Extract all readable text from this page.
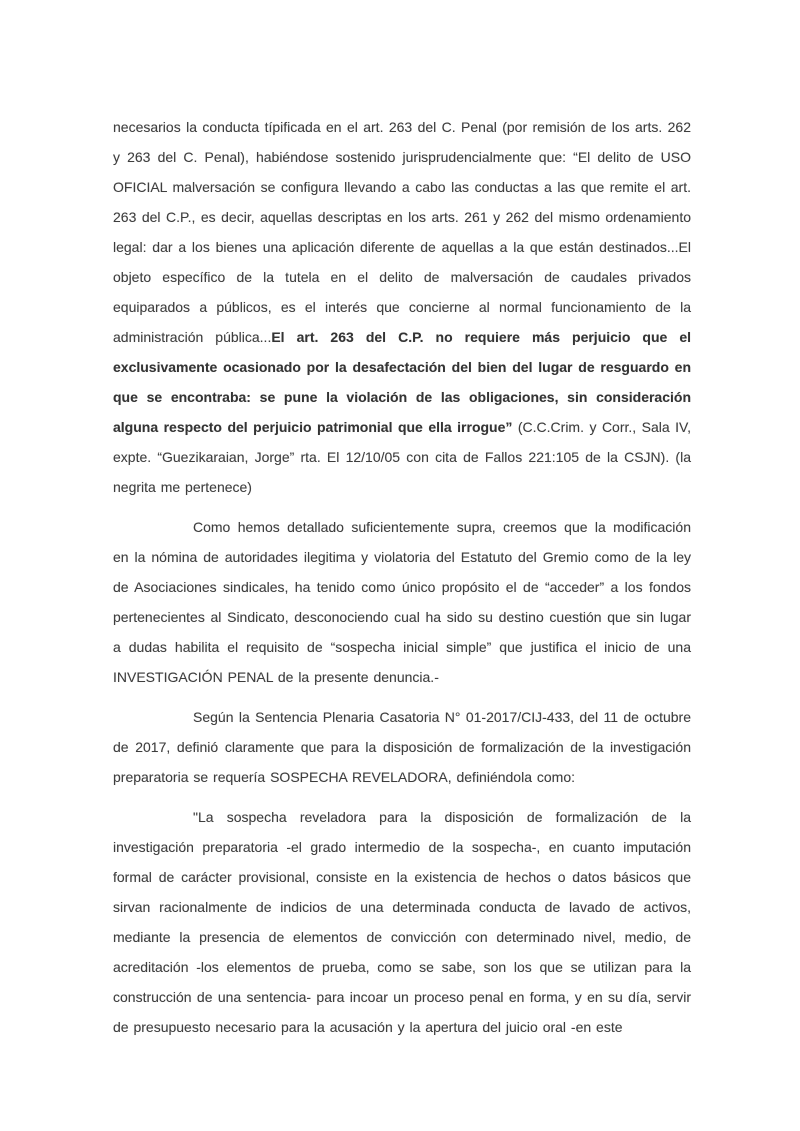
necesarios la conducta típificada en el art. 263 del C. Penal (por remisión de los arts. 262 y 263 del C. Penal), habiéndose sostenido jurisprudencialmente que: “El delito de USO OFICIAL malversación se configura llevando a cabo las conductas a las que remite el art. 263 del C.P., es decir, aquellas descriptas en los arts. 261 y 262 del mismo ordenamiento legal: dar a los bienes una aplicación diferente de aquellas a la que están destinados...El objeto específico de la tutela en el delito de malversación de caudales privados equiparados a públicos, es el interés que concierne al normal funcionamiento de la administración pública...El art. 263 del C.P. no requiere más perjuicio que el exclusivamente ocasionado por la desafectación del bien del lugar de resguardo en que se encontraba: se pune la violación de las obligaciones, sin consideración alguna respecto del perjuicio patrimonial que ella irrogue” (C.C.Crim. y Corr., Sala IV, expte. “Guezikaraian, Jorge” rta. El 12/10/05 con cita de Fallos 221:105 de la CSJN). (la negrita me pertenece)

Como hemos detallado suficientemente supra, creemos que la modificación en la nómina de autoridades ilegitima y violatoria del Estatuto del Gremio como de la ley de Asociaciones sindicales, ha tenido como único propósito el de “acceder” a los fondos pertenecientes al Sindicato, desconociendo cual ha sido su destino cuestión que sin lugar a dudas habilita el requisito de “sospecha inicial simple” que justifica el inicio de una INVESTIGACIÓN PENAL de la presente denuncia.-

Según la Sentencia Plenaria Casatoria N° 01-2017/CIJ-433, del 11 de octubre de 2017, definió claramente que para la disposición de formalización de la investigación preparatoria se requería SOSPECHA REVELADORA, definiéndola como:

"La sospecha reveladora para la disposición de formalización de la investigación preparatoria -el grado intermedio de la sospecha-, en cuanto imputación formal de carácter provisional, consiste en la existencia de hechos o datos básicos que sirvan racionalmente de indicios de una determinada conducta de lavado de activos, mediante la presencia de elementos de convicción con determinado nivel, medio, de acreditación -los elementos de prueba, como se sabe, son los que se utilizan para la construcción de una sentencia- para incoar un proceso penal en forma, y en su día, servir de presupuesto necesario para la acusación y la apertura del juicio oral -en este
